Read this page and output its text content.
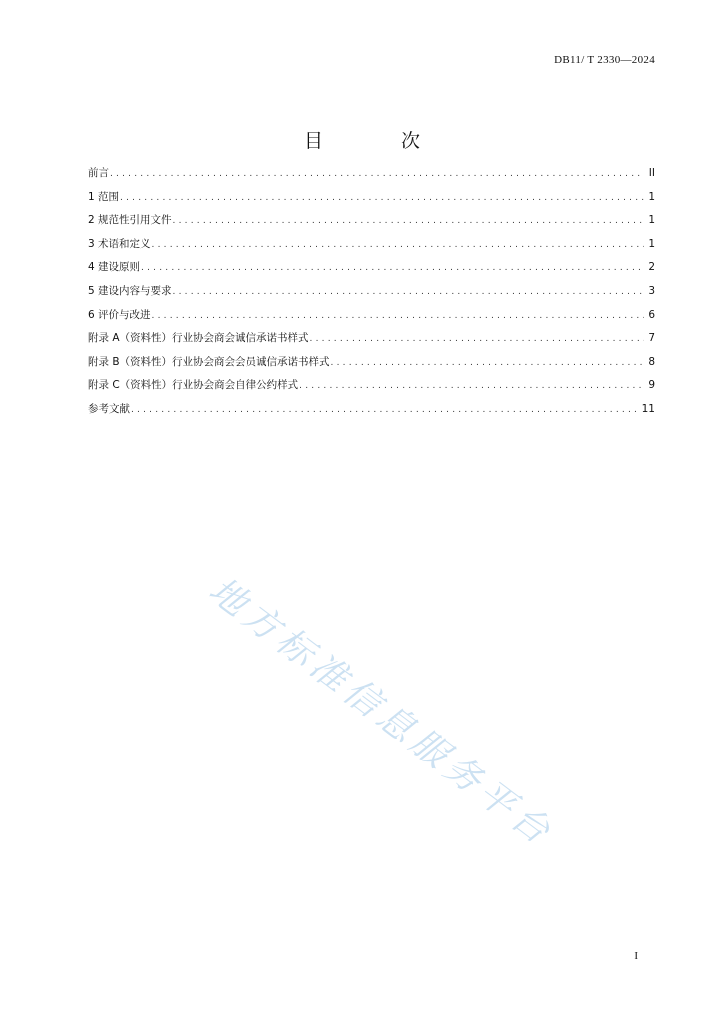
DB11/ T 2330—2024
目 次
前言 .....	II
1 范围 .....	1
2 规范性引用文件 .....	1
3 术语和定义 .....	1
4 建设原则 .....	2
5 建设内容与要求 .....	3
6 评价与改进 .....	6
附录 A（资料性）行业协会商会诚信承诺书样式 .....	7
附录 B（资料性）行业协会商会会员诚信承诺书样式 .....	8
附录 C（资料性）行业协会商会自律公约样式 .....	9
参考文献 .....	11
地方标准信息服务平台
I
